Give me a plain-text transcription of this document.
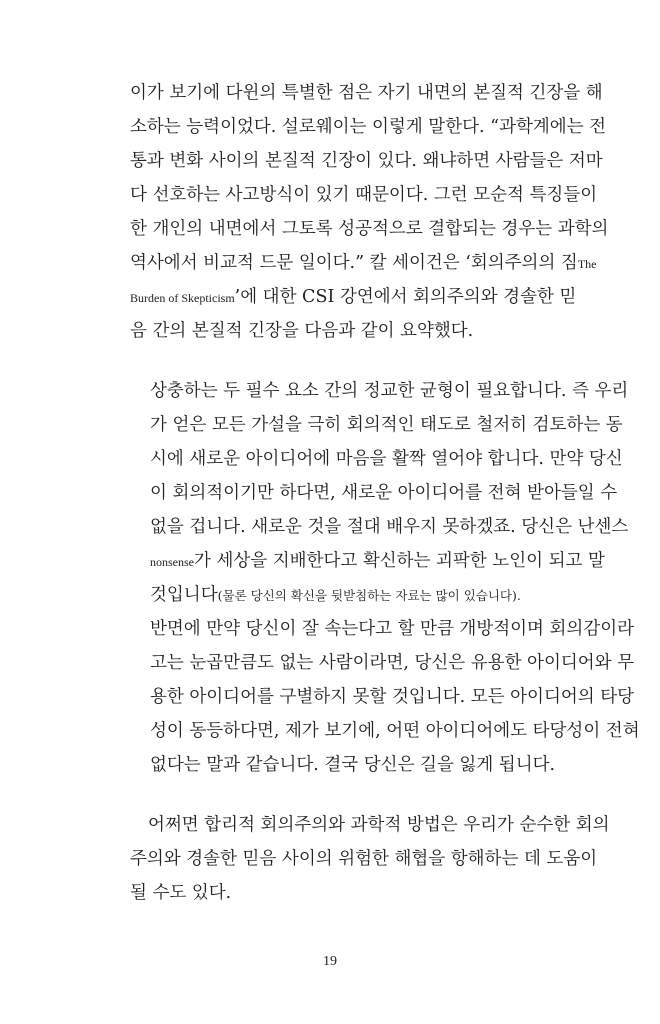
이가 보기에 다윈의 특별한 점은 자기 내면의 본질적 긴장을 해
소하는 능력이었다. 설로웨이는 이렇게 말한다. “과학계에는 전
통과 변화 사이의 본질적 긴장이 있다. 왜냐하면 사람들은 저마
다 선호하는 사고방식이 있기 때문이다. 그런 모순적 특징들이
한 개인의 내면에서 그토록 성공적으로 결합되는 경우는 과학의
역사에서 비교적 드문 일이다.” 칼 세이건은 ‘회의주의의 짐The
Burden of Skepticism’에 대한 CSI 강연에서 회의주의와 경솔한 믿
음 간의 본질적 긴장을 다음과 같이 요약했다.
상충하는 두 필수 요소 간의 정교한 균형이 필요합니다. 즉 우리
가 얻은 모든 가설을 극히 회의적인 태도로 철저히 검토하는 동
시에 새로운 아이디어에 마음을 활짝 열어야 합니다. 만약 당신
이 회의적이기만 하다면, 새로운 아이디어를 전혀 받아들일 수
없을 겁니다. 새로운 것을 절대 배우지 못하겠죠. 당신은 난센스
nonsense가 세상을 지배한다고 확신하는 괴팍한 노인이 되고 말
것입니다(물론 당신의 확신을 뒷받침하는 자료는 많이 있습니다).
반면에 만약 당신이 잘 속는다고 할 만큼 개방적이며 회의감이라
고는 눈곱만큼도 없는 사람이라면, 당신은 유용한 아이디어와 무
용한 아이디어를 구별하지 못할 것입니다. 모든 아이디어의 타당
성이 동등하다면, 제가 보기에, 어떤 아이디어에도 타당성이 전혀
없다는 말과 같습니다. 결국 당신은 길을 잃게 됩니다.
어쩌면 합리적 회의주의와 과학적 방법은 우리가 순수한 회의
주의와 경솔한 믿음 사이의 위험한 해협을 항해하는 데 도움이
될 수도 있다.
19
